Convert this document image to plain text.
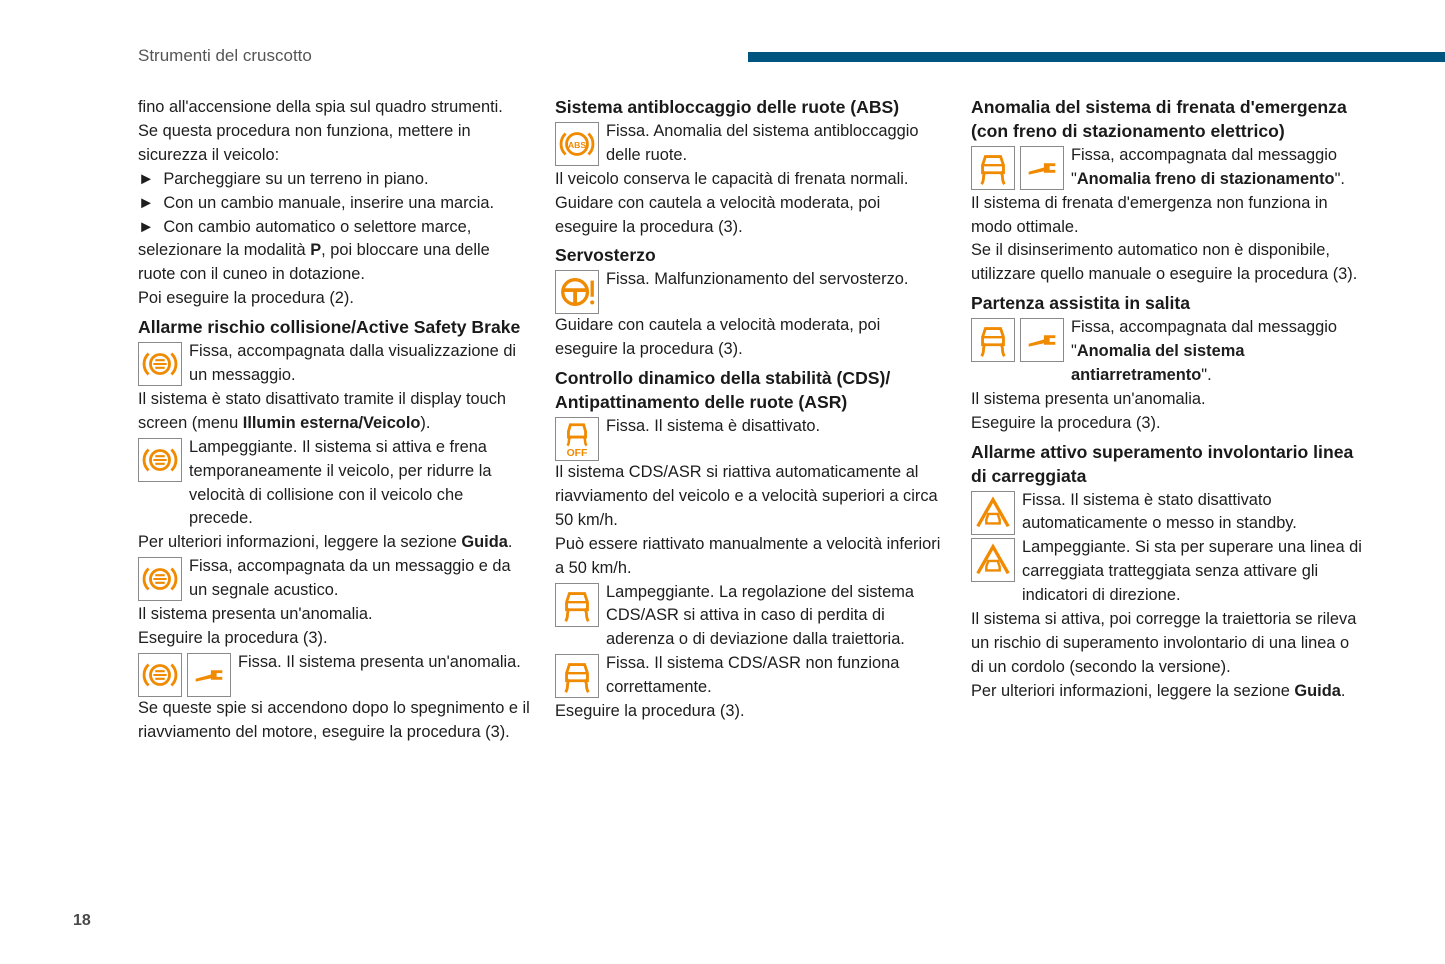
Strumenti del cruscotto

fino all'accensione della spia sul quadro strumenti.

Se questa procedura non funziona, mettere in sicurezza il veicolo:

►  Parcheggiare su un terreno in piano.

►  Con un cambio manuale, inserire una marcia.

►  Con cambio automatico o selettore marce, selezionare la modalità P, poi bloccare una delle ruote con il cuneo in dotazione.

Poi eseguire la procedura (2).

Allarme rischio collisione/Active Safety Brake
Fissa, accompagnata dalla visualizzazione di un messaggio.

Il sistema è stato disattivato tramite il display touch screen (menu Illumin esterna/Veicolo).

Lampeggiante. Il sistema si attiva e frena temporaneamente il veicolo, per ridurre la velocità di collisione con il veicolo che precede.

Per ulteriori informazioni, leggere la sezione Guida.

Fissa, accompagnata da un messaggio e da un segnale acustico.

Il sistema presenta un'anomalia.

Eseguire la procedura (3).

Fissa. Il sistema presenta un'anomalia.

Se queste spie si accendono dopo lo spegnimento e il riavviamento del motore, eseguire la procedura (3).

Sistema antibloccaggio delle ruote (ABS)
ABS
Fissa. Anomalia del sistema antibloccaggio delle ruote.

Il veicolo conserva le capacità di frenata normali.

Guidare con cautela a velocità moderata, poi eseguire la procedura (3).

Servosterzo
Fissa. Malfunzionamento del servosterzo.

Guidare con cautela a velocità moderata, poi eseguire la procedura (3).

Controllo dinamico della stabilità (CDS)/ Antipattinamento delle ruote (ASR)
OFF
Fissa. Il sistema è disattivato.

Il sistema CDS/ASR si riattiva automaticamente al riavviamento del veicolo e a velocità superiori a circa 50 km/h.

Può essere riattivato manualmente a velocità inferiori a 50 km/h.

Lampeggiante. La regolazione del sistema CDS/ASR si attiva in caso di perdita di aderenza o di deviazione dalla traiettoria.
Fissa. Il sistema CDS/ASR non funziona correttamente.

Eseguire la procedura (3).

Anomalia del sistema di frenata d'emergenza (con freno di stazionamento elettrico)
Fissa, accompagnata dal messaggio "Anomalia freno di stazionamento".

Il sistema di frenata d'emergenza non funziona in modo ottimale.

Se il disinserimento automatico non è disponibile, utilizzare quello manuale o eseguire la procedura (3).

Partenza assistita in salita
Fissa, accompagnata dal messaggio "Anomalia del sistema antiarretramento".

Il sistema presenta un'anomalia.

Eseguire la procedura (3).

Allarme attivo superamento involontario linea di carreggiata
Fissa. Il sistema è stato disattivato automaticamente o messo in standby.
Lampeggiante. Si sta per superare una linea di carreggiata tratteggiata senza attivare gli indicatori di direzione.

Il sistema si attiva, poi corregge la traiettoria se rileva un rischio di superamento involontario di una linea o di un cordolo (secondo la versione).

Per ulteriori informazioni, leggere la sezione Guida.

18
